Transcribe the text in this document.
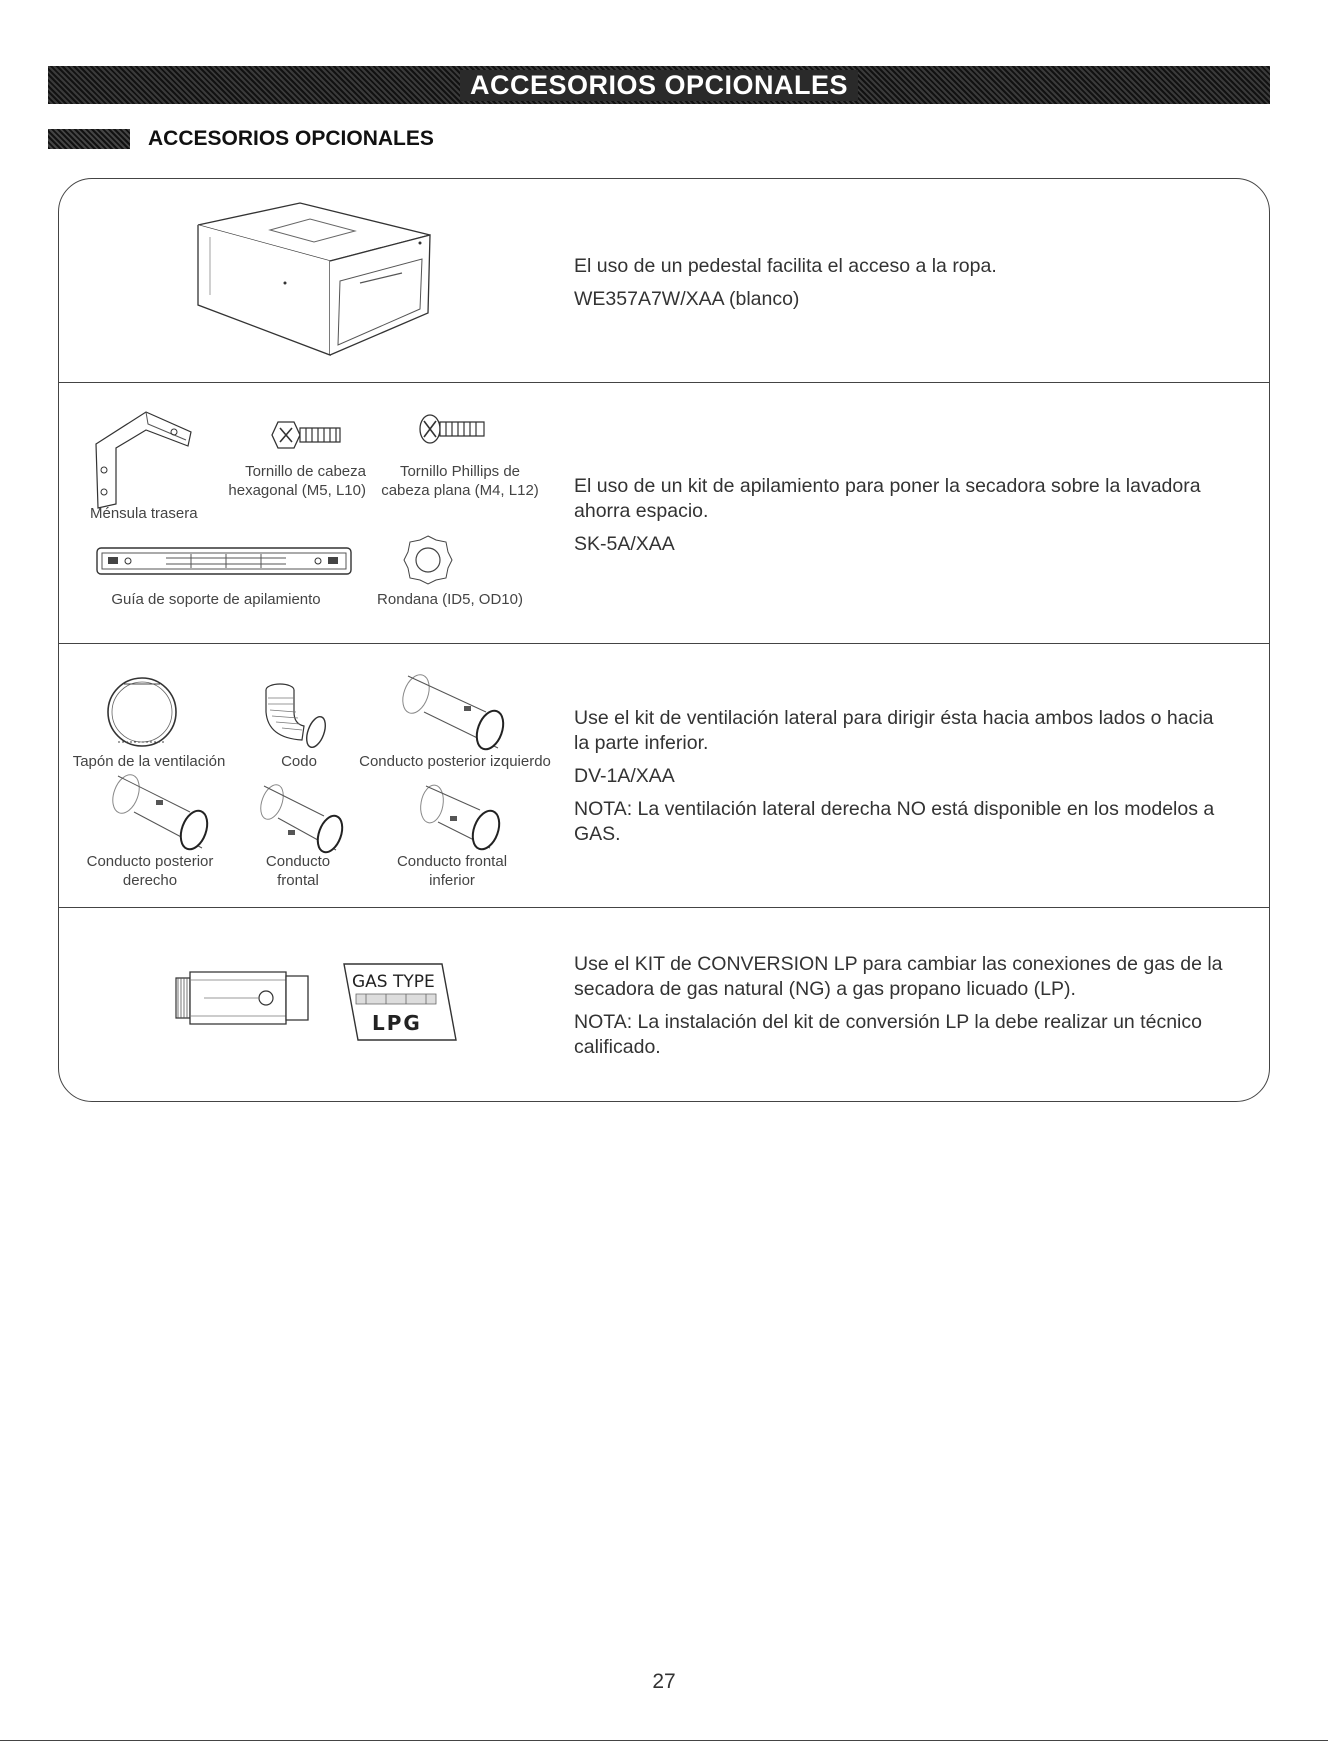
ACCESORIOS OPCIONALES
ACCESORIOS OPCIONALES

El uso de un pedestal facilita el acceso a la ropa.

WE357A7W/XAA (blanco)

Ménsula trasera
Tornillo de cabeza
hexagonal (M5, L10)
Tornillo Phillips de
cabeza plana (M4, L12)
Guía de soporte de apilamiento	Rondana (ID5, OD10)

El uso de un kit de apilamiento para poner la secadora sobre la lavadora ahorra espacio.

SK-5A/XAA

Tapón de la ventilación	Codo	Conducto posterior izquierdo
Conducto posterior
derecho
Conducto
frontal
Conducto frontal
inferior

Use el kit de ventilación lateral para dirigir ésta hacia ambos lados o hacia la parte inferior.

DV-1A/XAA

NOTA: La ventilación lateral derecha NO está disponible en los modelos a GAS.

GAS TYPE
LPG

Use el KIT de CONVERSION LP para cambiar las conexiones de gas de la secadora de gas natural (NG) a gas propano licuado (LP).

NOTA: La instalación del kit de conversión LP la debe realizar un técnico calificado.

27
